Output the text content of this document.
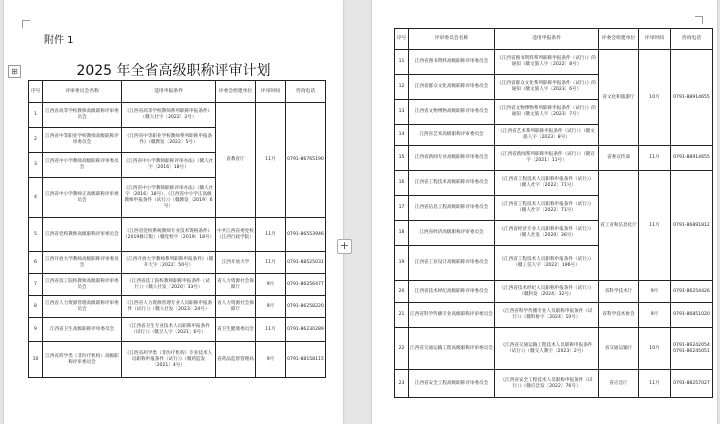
附件 1
2025 年全省高级职称评审计划
⊞
序号	评审委员会名称	适用申报条件	评委会组建单位	评审时间	咨询电话
1	江西省高等学校教师高级职称评审委员会	《江西省高等学校教师系列职称申报条件》（赣人社字〔2022〕2号）	省教育厅	11月	0791-86765190
2	江西省中等职业学校教师高级职称评审委员会	《江西省中等职业学校教师系列职称申报条件》（赣教发〔2022〕5号）			
3	江西省中小学教师高级职称评审委员会	《江西省中小学教师职称评审办法》（赣人社字〔2016〕18号）			
4	江西省中小学教师正高级职称评审委员会	《江西省中小学教师职称评审办法》（赣人社字〔2016〕18号），《江西省中小学正高级教师申报条件（试行）》（赣教发〔2019〕6号）			
5	江西省党校教师高级职称评审委员会	《江西省党校系统教师专业技术资格条件》（2019修订版）（赣党校字〔2019〕18号）	中共江西省委党校（江西行政学院）	11月	0791-86553946
6	江西开放大学教师高级职称评审委员会	《江西开放大学教师系列职称申报条件》（赣开大字〔2022〕50号）	江西开放大学	11月	0791-88525031
7	江西省技工院校教师高级职称评审委员会	《江西省技工院校教师职称申报条件（试行）》（赣人社发〔2020〕33号）	省人力资源社会保障厅	9月	0791-86256477
8	江西省人力资源管理高级职称评审委员会	《江西省人力资源管理专业人员职称申报条件（试行）》（赣人社发〔2023〕24号）	省人力资源社会保障厅	9月	0791-86258220
9	江西省卫生高级职称评审委员会	《江西省卫生专业技术人员职称申报条件（试行）》（赣卫人字〔2021〕6号）	省卫生健康委员会	11月	0791-86230289
10	江西省药学类（非医疗机构）高级职称评审委员会	《江西省药学类（非医疗机构）专业技术人员职称申报条件（试行）》（赣药监发〔2021〕4号）	省药品监督管理局	9月	0791-88158115
+
序号	评审委员会名称	适用申报条件	评委会组建单位	评审时间	咨询电话
11	江西省图书资料高级职称评审委员会	《江西省图书资料系列职称申报条件（试行）》的通知（赣文旅人字〔2022〕8号）	省文化和旅游厅	10月	0791-88914655
12	江西省群众文化高级职称评审委员会	《江西省群众文化系列职称申报条件（试行）》的通知（赣文旅人字〔2023〕6号）			
13	江西省文物博物高级职称评审委员会	《江西省文物博物系列职称申报条件（试行）》的通知（赣文旅人字〔2023〕7号）			
14	江西省艺术高级职称评审委员会	《江西省艺术系列职称申报条件（试行）》（赣文旅人字〔2023〕8号）			
15	江西省新闻专业高级职称评审委员会	《江西省新闻系列职称申报条件（试行）》（赣宣字〔2021〕11号）	省委宣传部	11月	0791-88914655
16	江西省工程技术高级职称评审委员会	《江西省工程技术人员职称申报条件（试行）》（赣人社字〔2022〕71号）	省工业和信息化厅	11月	0791-86891812
17	江西省信息工程高级职称评审委员会	《江西省工程技术人员职称申报条件（试行）》（赣人社字〔2022〕71号）			
18	江西省经济高级职称评审委员会	《江西省经济专业人员职称申报条件（试行）》（赣人社发〔2020〕36号）			
19	江西省工业设计高级职称评审委员会	《江西省工程技术人员职称申报条件（试行）》（赣工信人字〔2022〕196号）			
20	江西省技术经纪高级职称评审委员会	《江西省技术经纪人员职称申报条件（试行）》（赣科发〔2024〕32号）	省科学技术厅	9月	0791-86254426
21	江西省科学传播专业高级职称评审委员会	《江西省科学传播专业人员职称申报条件（试行）》（赣科协字〔2024〕10号）	省科学技术协会	9月	0791-86851020
22	江西省交通运输工程高级职称评审委员会	《江西省交通运输工程技术人员职称申报条件（试行）》（赣交人教字〔2023〕2号）	省交通运输厅	10月	0791-86242054 0791-86245051
23	江西省安全工程高级职称评审委员会	《江西省安全工程技术人员职称申报条件（试行）》（赣应急发〔2022〕76号）	省应急厅	11月	0791-88257027
